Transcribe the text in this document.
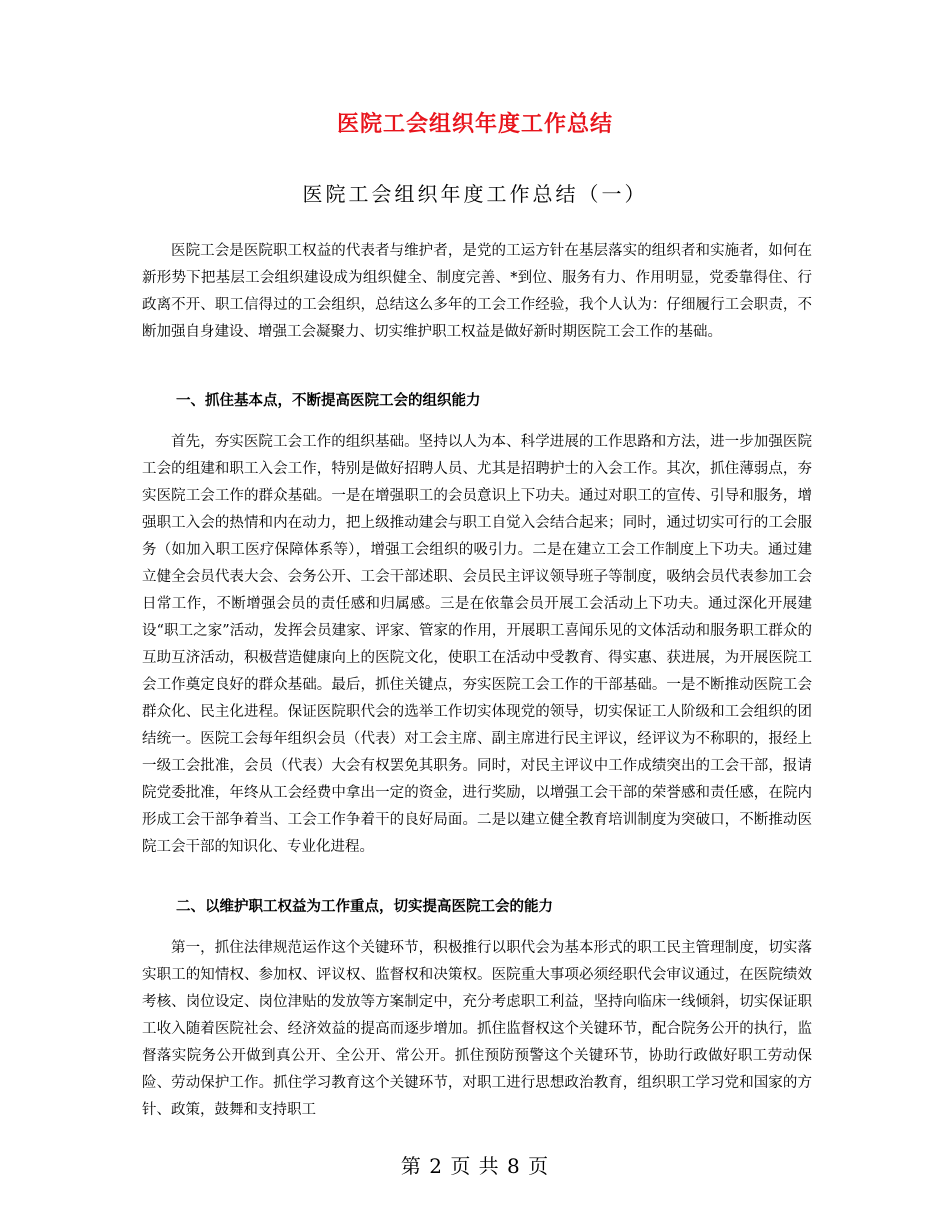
医院工会组织年度工作总结
医院工会组织年度工作总结（一）

医院工会是医院职工权益的代表者与维护者，是党的工运方针在基层落实的组织者和实施者，如何在新形势下把基层工会组织建设成为组织健全、制度完善、*到位、服务有力、作用明显，党委靠得住、行政离不开、职工信得过的工会组织，总结这么多年的工会工作经验，我个人认为：仔细履行工会职责，不断加强自身建设、增强工会凝聚力、切实维护职工权益是做好新时期医院工会工作的基础。

一、抓住基本点，不断提高医院工会的组织能力

首先，夯实医院工会工作的组织基础。坚持以人为本、科学进展的工作思路和方法，进一步加强医院工会的组建和职工入会工作，特别是做好招聘人员、尤其是招聘护士的入会工作。其次，抓住薄弱点，夯实医院工会工作的群众基础。一是在增强职工的会员意识上下功夫。通过对职工的宣传、引导和服务，增强职工入会的热情和内在动力，把上级推动建会与职工自觉入会结合起来；同时，通过切实可行的工会服务（如加入职工医疗保障体系等），增强工会组织的吸引力。二是在建立工会工作制度上下功夫。通过建立健全会员代表大会、会务公开、工会干部述职、会员民主评议领导班子等制度，吸纳会员代表参加工会日常工作，不断增强会员的责任感和归属感。三是在依靠会员开展工会活动上下功夫。通过深化开展建设“职工之家”活动，发挥会员建家、评家、管家的作用，开展职工喜闻乐见的文体活动和服务职工群众的互助互济活动，积极营造健康向上的医院文化，使职工在活动中受教育、得实惠、获进展，为开展医院工会工作奠定良好的群众基础。最后，抓住关键点，夯实医院工会工作的干部基础。一是不断推动医院工会群众化、民主化进程。保证医院职代会的选举工作切实体现党的领导，切实保证工人阶级和工会组织的团结统一。医院工会每年组织会员（代表）对工会主席、副主席进行民主评议，经评议为不称职的，报经上一级工会批准，会员（代表）大会有权罢免其职务。同时，对民主评议中工作成绩突出的工会干部，报请院党委批准，年终从工会经费中拿出一定的资金，进行奖励，以增强工会干部的荣誉感和责任感，在院内形成工会干部争着当、工会工作争着干的良好局面。二是以建立健全教育培训制度为突破口，不断推动医院工会干部的知识化、专业化进程。

二、以维护职工权益为工作重点，切实提高医院工会的能力

第一，抓住法律规范运作这个关键环节，积极推行以职代会为基本形式的职工民主管理制度，切实落实职工的知情权、参加权、评议权、监督权和决策权。医院重大事项必须经职代会审议通过，在医院绩效考核、岗位设定、岗位津贴的发放等方案制定中，充分考虑职工利益，坚持向临床一线倾斜，切实保证职工收入随着医院社会、经济效益的提高而逐步增加。抓住监督权这个关键环节，配合院务公开的执行，监督落实院务公开做到真公开、全公开、常公开。抓住预防预警这个关键环节，协助行政做好职工劳动保险、劳动保护工作。抓住学习教育这个关键环节，对职工进行思想政治教育，组织职工学习党和国家的方针、政策，鼓舞和支持职工

第 2 页 共 8 页
